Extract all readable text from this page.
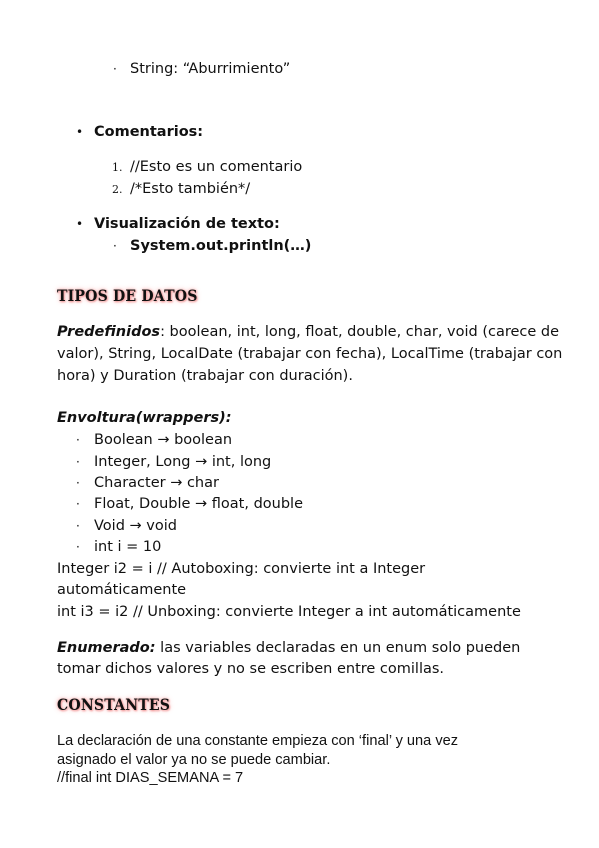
· String: “Aburrimiento”
• Comentarios:
1. //Esto es un comentario
2. /*Esto también*/
• Visualización de texto:
· System.out.println(…)
TIPOS DE DATOS
Predefinidos: boolean, int, long, float, double, char, void (carece de
valor), String, LocalDate (trabajar con fecha), LocalTime (trabajar con
hora) y Duration (trabajar con duración).
Envoltura(wrappers):
· Boolean → boolean
· Integer, Long → int, long
· Character → char
· Float, Double → float, double
· Void → void
· int i = 10
Integer i2 = i // Autoboxing: convierte int a Integer
automáticamente
int i3 = i2 // Unboxing: convierte Integer a int automáticamente
Enumerado: las variables declaradas en un enum solo pueden
tomar dichos valores y no se escriben entre comillas.
CONSTANTES
La declaración de una constante empieza con ‘final’ y una vez
asignado el valor ya no se puede cambiar.
//final int DIAS_SEMANA = 7
